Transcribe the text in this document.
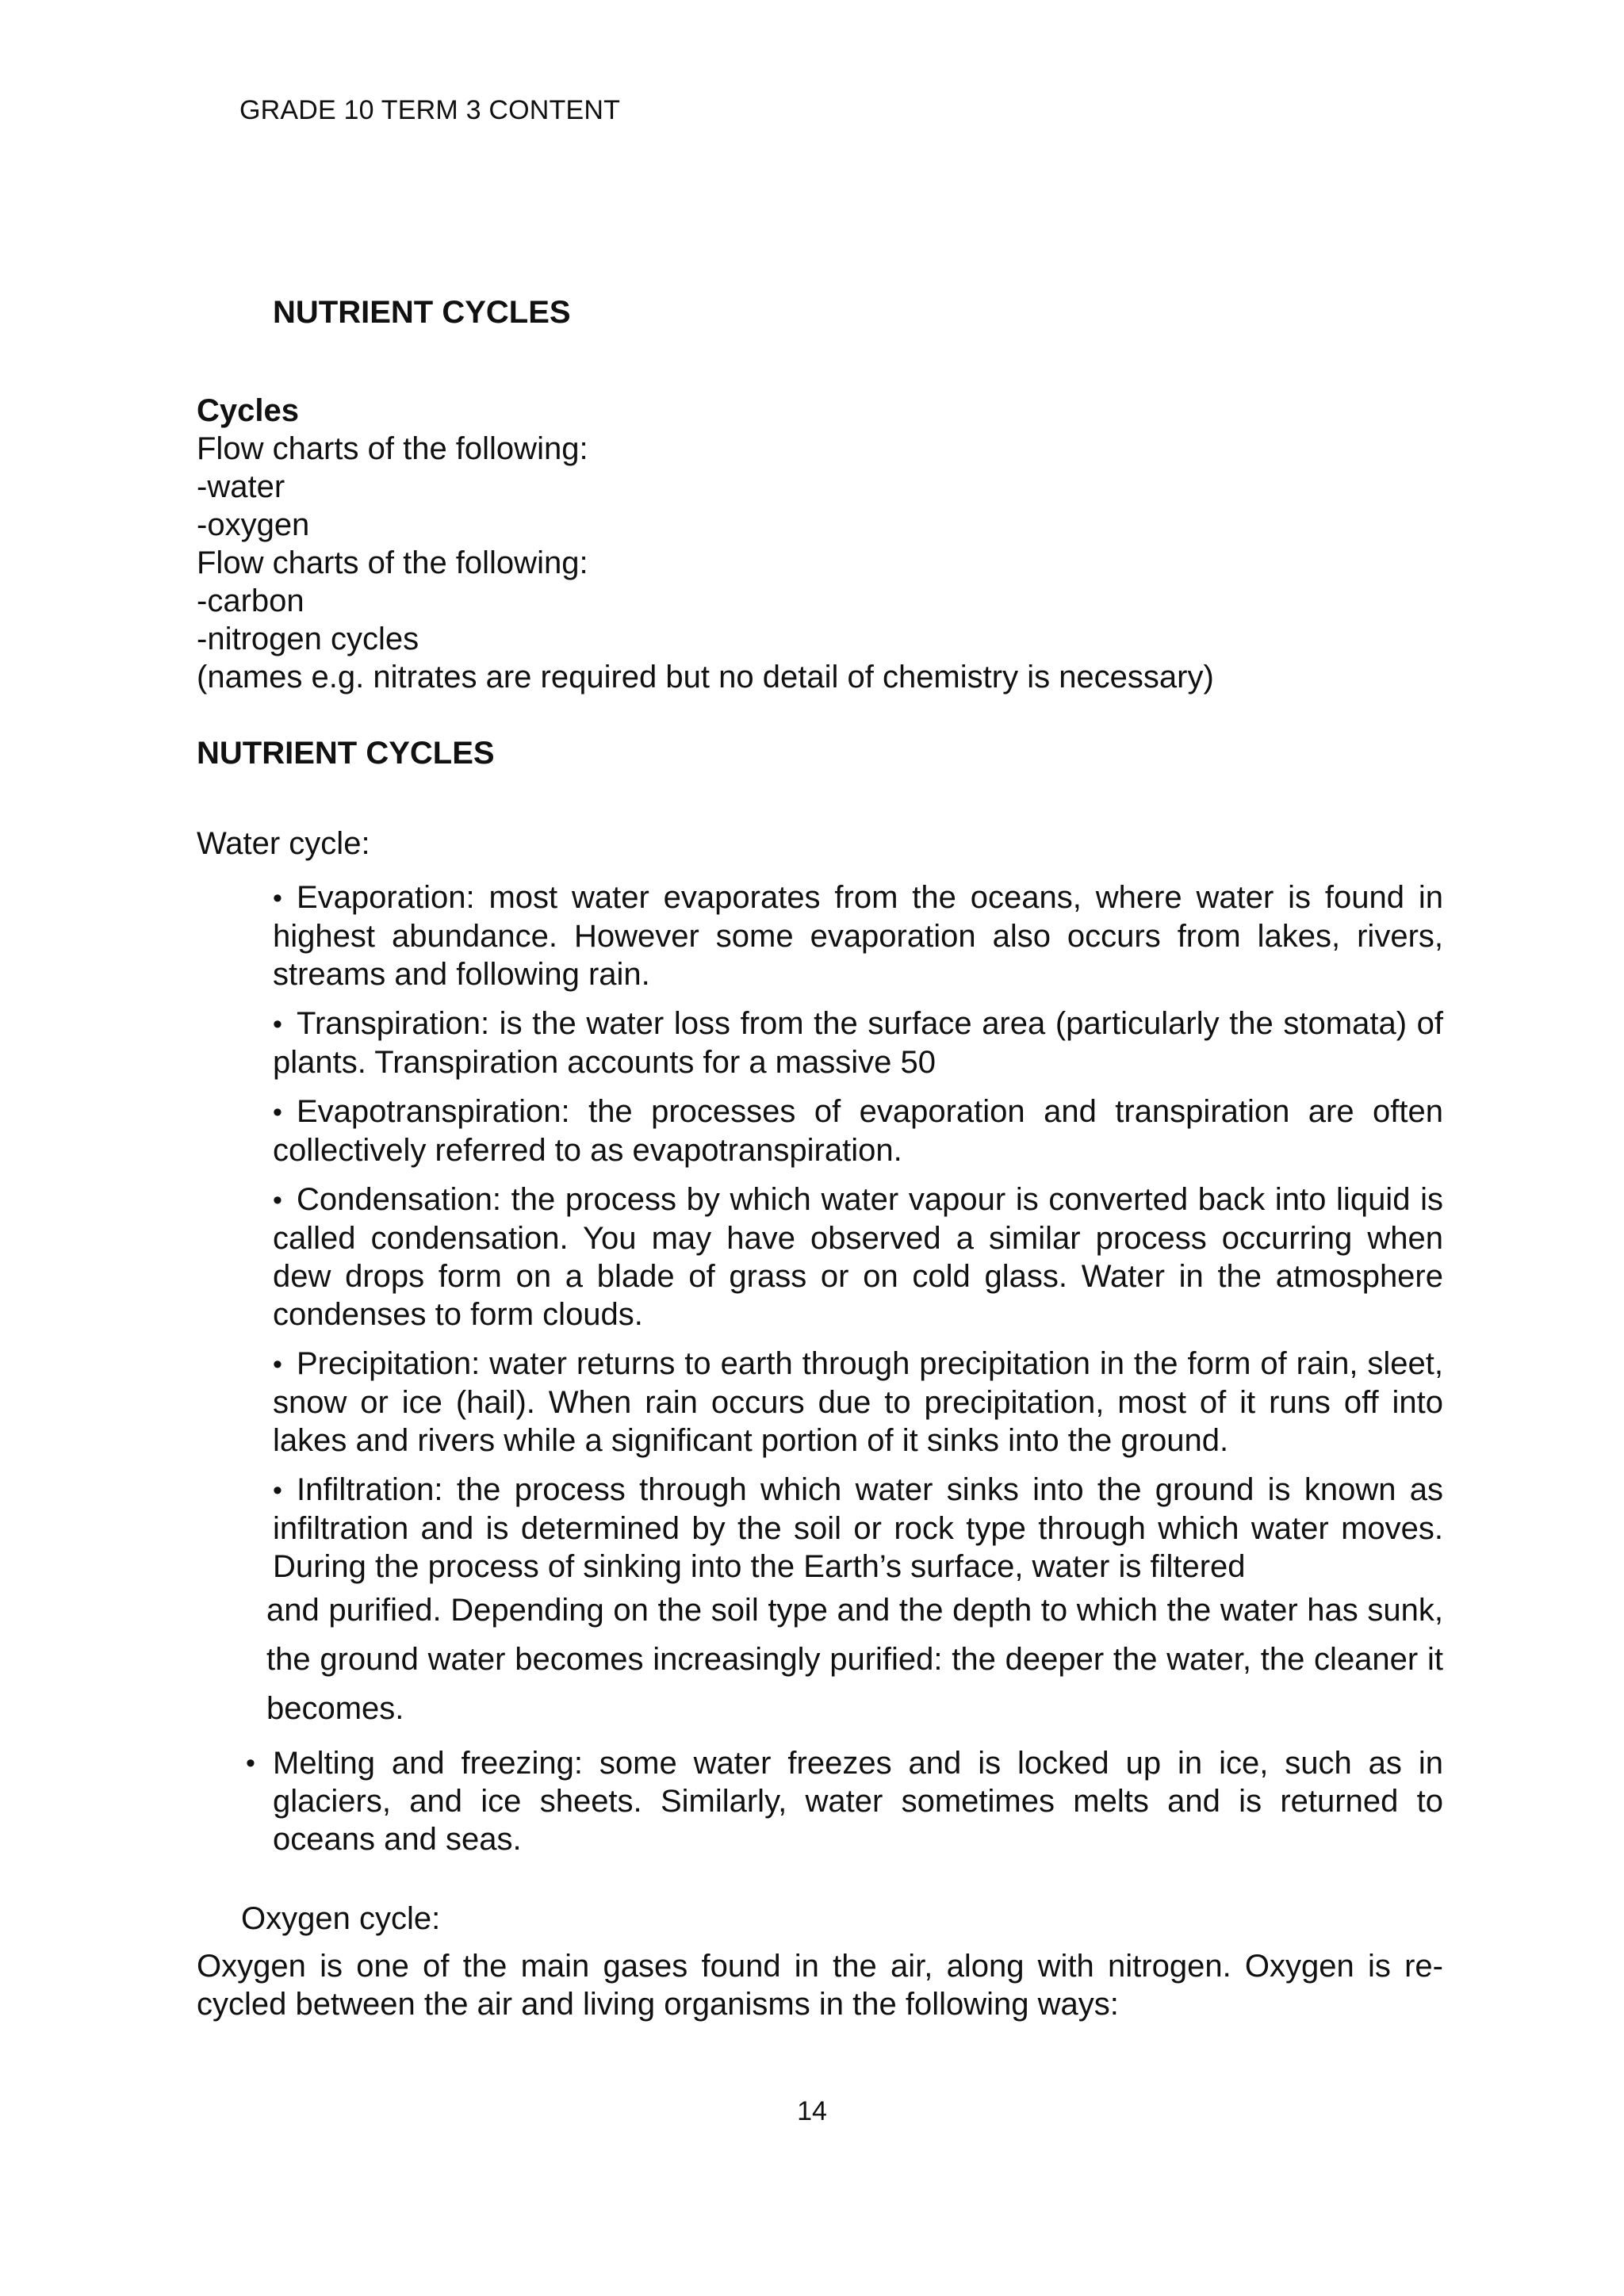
GRADE 10 TERM 3 CONTENT
NUTRIENT CYCLES

Cycles

Flow charts of the following:

-water

-oxygen

Flow charts of the following:

-carbon

-nitrogen cycles

(names e.g. nitrates are required but no detail of chemistry is necessary)

NUTRIENT CYCLES

Water cycle:

• Evaporation: most water evaporates from the oceans, where water is found in highest abundance. However some evaporation also occurs from lakes, rivers, streams and following rain.
• Transpiration: is the water loss from the surface area (particularly the stomata) of plants. Transpiration accounts for a massive 50
• Evapotranspiration: the processes of evaporation and transpiration are often collectively referred to as evapotranspiration.
• Condensation: the process by which water vapour is converted back into liquid is called condensation. You may have observed a similar process occurring when dew drops form on a blade of grass or on cold glass. Water in the atmosphere condenses to form clouds.
• Precipitation: water returns to earth through precipitation in the form of rain, sleet, snow or ice (hail). When rain occurs due to precipitation, most of it runs off into lakes and rivers while a significant portion of it sinks into the ground.
• Infiltration: the process through which water sinks into the ground is known as infiltration and is determined by the soil or rock type through which water moves. During the process of sinking into the Earth’s surface, water is filtered
and purified. Depending on the soil type and the depth to which the water has sunk, the ground water becomes increasingly purified: the deeper the water, the cleaner it becomes.
• Melting and freezing: some water freezes and is locked up in ice, such as in glaciers, and ice sheets. Similarly, water sometimes melts and is returned to oceans and seas.

Oxygen cycle:

Oxygen is one of the main gases found in the air, along with nitrogen. Oxygen is re-cycled between the air and living organisms in the following ways:

14
